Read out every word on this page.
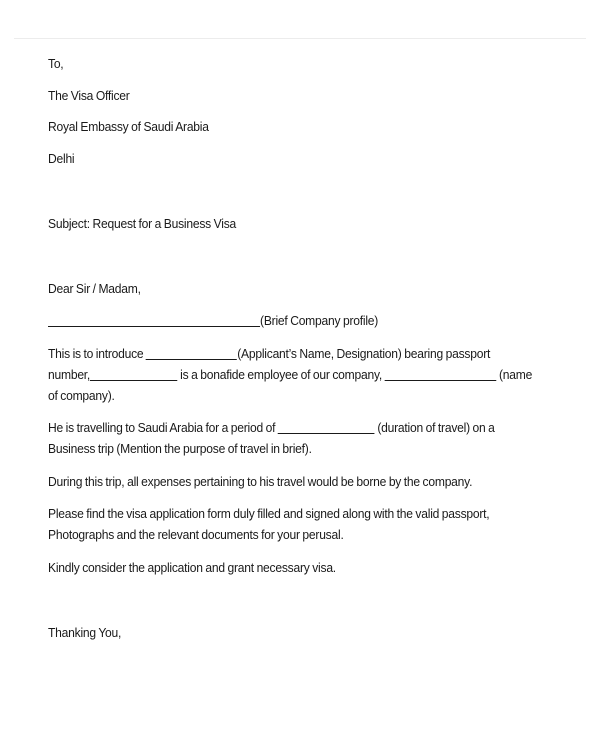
To,
The Visa Officer
Royal Embassy of Saudi Arabia
Delhi
Subject: Request for a Business Visa
Dear Sir / Madam,
(Brief Company profile)
This is to introduce	(Applicant’s Name, Designation) bearing passport
number,	is a bonafide employee of our company,	(name
of company).
He is travelling to Saudi Arabia for a period of	(duration of travel) on a
Business trip (Mention the purpose of travel in brief).
During this trip, all expenses pertaining to his travel would be borne by the company.
Please find the visa application form duly filled and signed along with the valid passport,
Photographs and the relevant documents for your perusal.
Kindly consider the application and grant necessary visa.
Thanking You,
